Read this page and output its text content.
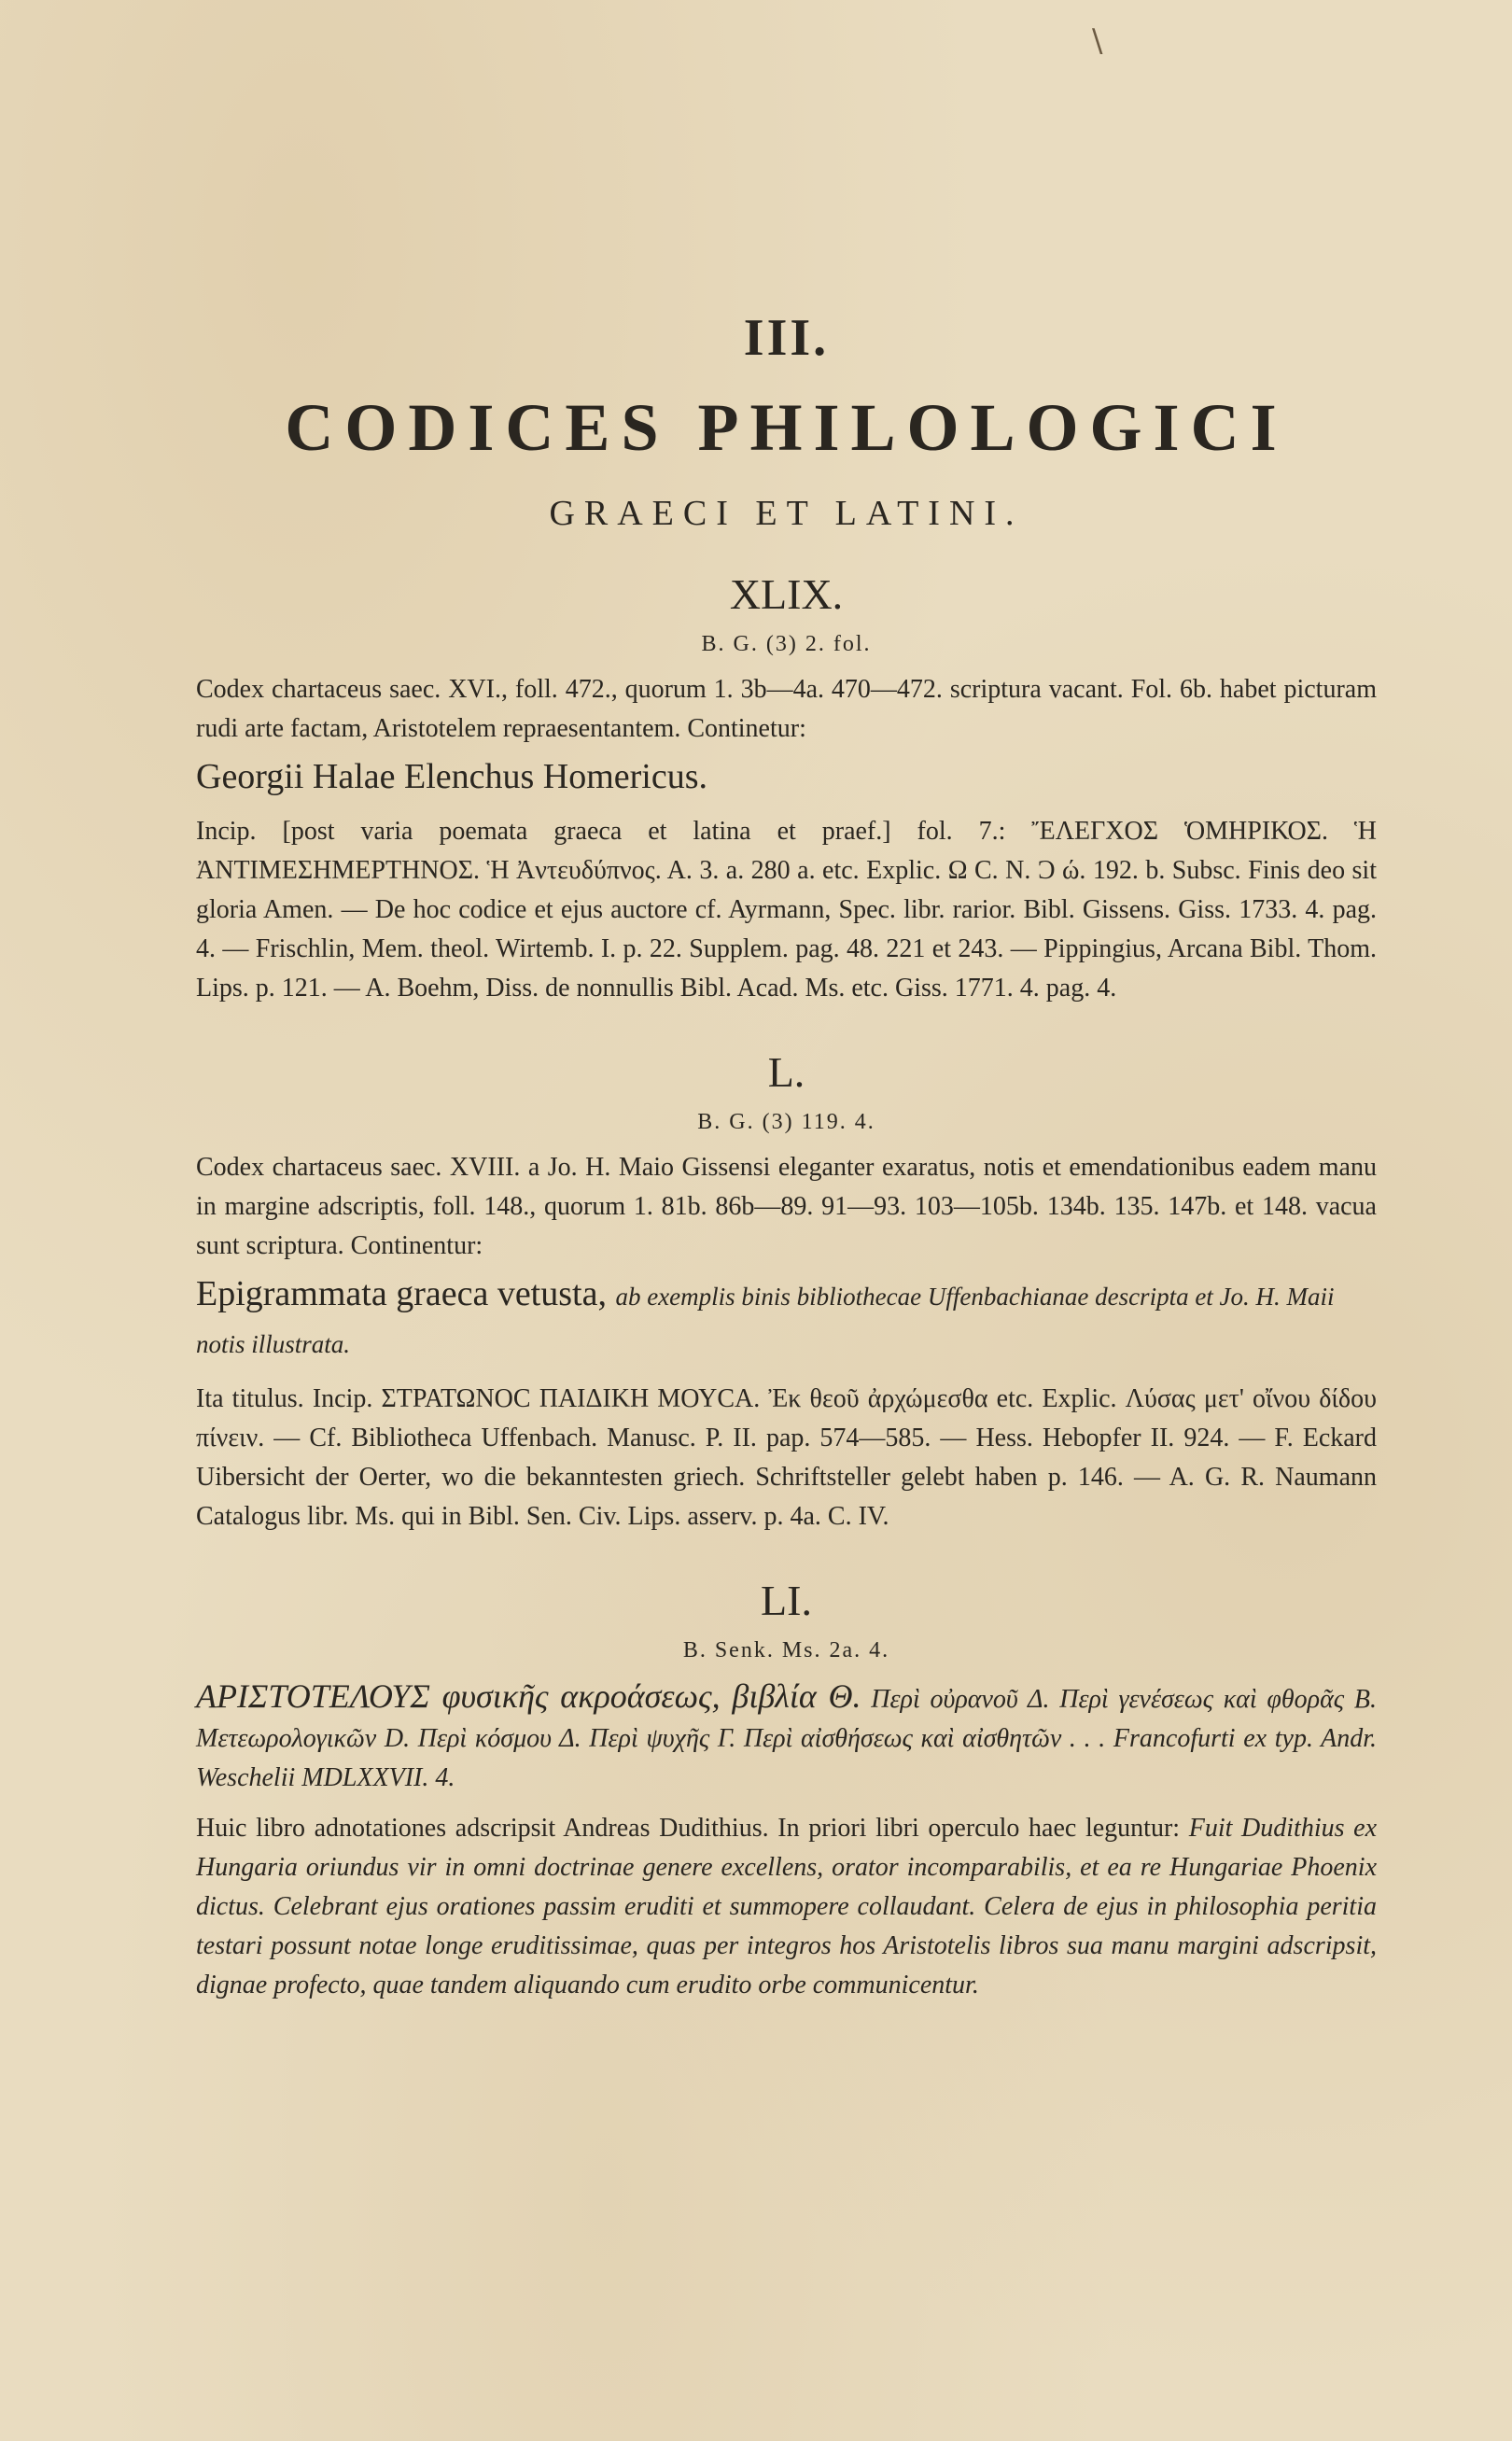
\
III.
CODICES PHILOLOGICI
GRAECI ET LATINI.
XLIX.
B. G. (3) 2. fol.

Codex chartaceus saec. XVI., foll. 472., quorum 1. 3b—4a. 470—472. scriptura vacant. Fol. 6b. habet picturam rudi arte factam, Aristotelem repraesentantem. Continetur:

Georgii Halae Elenchus Homericus.

Incip. [post varia poemata graeca et latina et praef.] fol. 7.: ἜΛΕΓΧΟΣ ὉΜΗΡΙΚΟΣ. Ἡ ἈΝΤΙΜΕΣΗΜΕΡΤΗΝΟΣ. Ἡ Ἀντευδύπνος. Α. 3. a. 280 a. etc. Explic. Ω C. Ν. Ɔ ώ. 192. b. Subsc. Finis deo sit gloria Amen. — De hoc codice et ejus auctore cf. Ayrmann, Spec. libr. rarior. Bibl. Gissens. Giss. 1733. 4. pag. 4. — Frischlin, Mem. theol. Wirtemb. I. p. 22. Supplem. pag. 48. 221 et 243. — Pippingius, Arcana Bibl. Thom. Lips. p. 121. — A. Boehm, Diss. de nonnullis Bibl. Acad. Ms. etc. Giss. 1771. 4. pag. 4.

L.
B. G. (3) 119. 4.

Codex chartaceus saec. XVIII. a Jo. H. Maio Gissensi eleganter exaratus, notis et emendationibus eadem manu in margine adscriptis, foll. 148., quorum 1. 81b. 86b—89. 91—93. 103—105b. 134b. 135. 147b. et 148. vacua sunt scriptura. Continentur:

Epigrammata graeca vetusta, ab exemplis binis bibliothecae Uffenbachianae descripta et Jo. H. Maii notis illustrata.

Ita titulus. Incip. ΣΤΡΑΤΩΝΟC ΠΑΙΔΙΚΗ ΜΟΥCΑ. Ἐκ θεοῦ ἀρχώμεσθα etc. Explic. Λύσας μετ' οἴνου δίδου πίνειν. — Cf. Bibliotheca Uffenbach. Manusc. P. II. pap. 574—585. — Hess. Hebopfer II. 924. — F. Eckard Uibersicht der Oerter, wo die bekanntesten griech. Schriftsteller gelebt haben p. 146. — A. G. R. Naumann Catalogus libr. Ms. qui in Bibl. Sen. Civ. Lips. asserv. p. 4a. C. IV.

LI.
B. Senk. Ms. 2a. 4.

ΑΡΙΣΤΟΤΕΛΟΥΣ φυσικῆς ακροάσεως, βιβλία Θ. Περὶ οὐρανοῦ Δ. Περὶ γενέσεως καὶ φθορᾶς Β. Μετεωρολογικῶν D. Περὶ κόσμου Δ. Περὶ ψυχῆς Γ. Περὶ αἰσθήσεως καὶ αἰσθητῶν . . . Francofurti ex typ. Andr. Weschelii MDLXXVII. 4.

Huic libro adnotationes adscripsit Andreas Dudithius. In priori libri operculo haec leguntur: Fuit Dudithius ex Hungaria oriundus vir in omni doctrinae genere excellens, orator incomparabilis, et ea re Hungariae Phoenix dictus. Celebrant ejus orationes passim eruditi et summopere collaudant. Celera de ejus in philosophia peritia testari possunt notae longe eruditissimae, quas per integros hos Aristotelis libros sua manu margini adscripsit, dignae profecto, quae tandem aliquando cum erudito orbe communicentur.
